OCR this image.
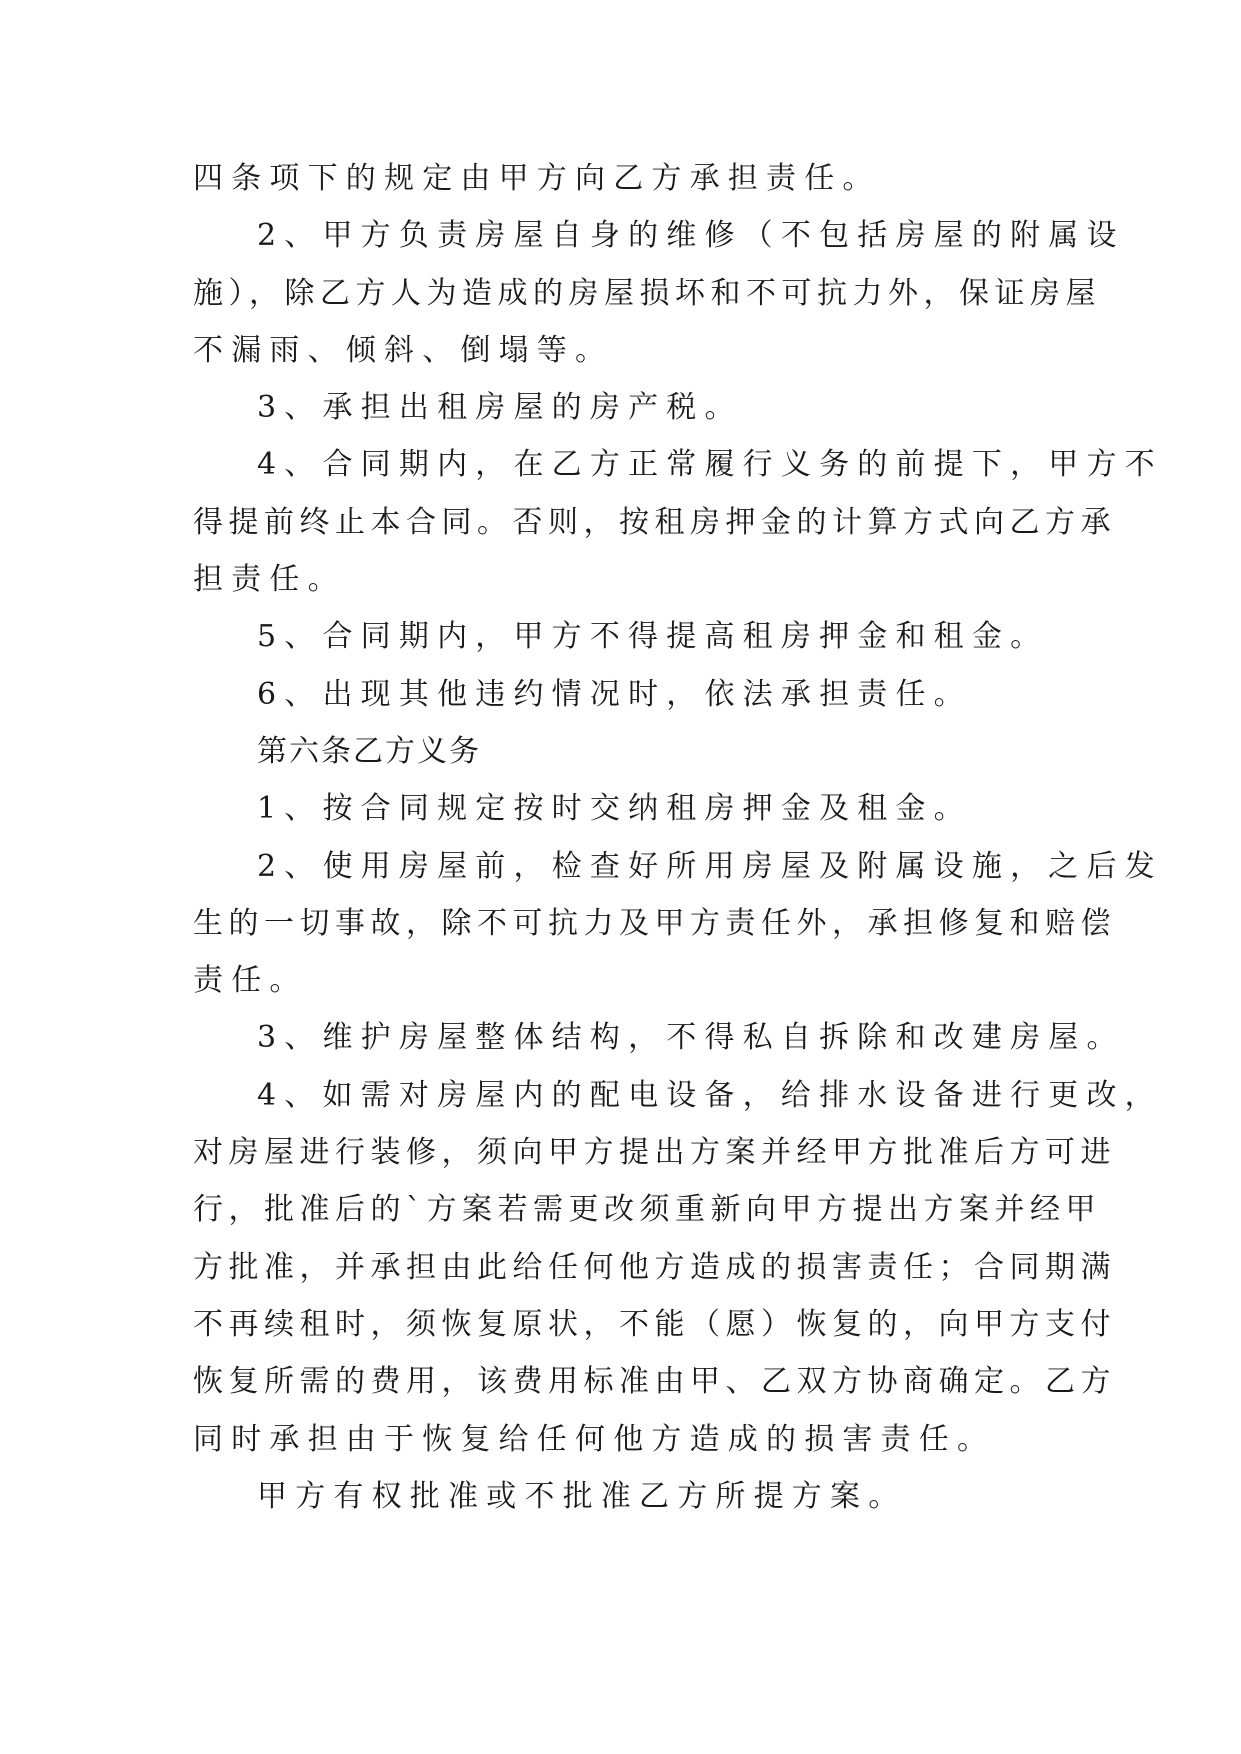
四条项下的规定由甲方向乙方承担责任。
2、甲方负责房屋自身的维修（不包括房屋的附属设
施），除乙方人为造成的房屋损坏和不可抗力外，保证房屋
不漏雨、倾斜、倒塌等。
3、承担出租房屋的房产税。
4、合同期内，在乙方正常履行义务的前提下，甲方不
得提前终止本合同。否则，按租房押金的计算方式向乙方承
担责任。
5、合同期内，甲方不得提高租房押金和租金。
6、出现其他违约情况时，依法承担责任。
第六条乙方义务
1、按合同规定按时交纳租房押金及租金。
2、使用房屋前，检查好所用房屋及附属设施，之后发
生的一切事故，除不可抗力及甲方责任外，承担修复和赔偿
责任。
3、维护房屋整体结构，不得私自拆除和改建房屋。
4、如需对房屋内的配电设备，给排水设备进行更改，
对房屋进行装修，须向甲方提出方案并经甲方批准后方可进
行，批准后的`方案若需更改须重新向甲方提出方案并经甲
方批准，并承担由此给任何他方造成的损害责任；合同期满
不再续租时，须恢复原状，不能（愿）恢复的，向甲方支付
恢复所需的费用，该费用标准由甲、乙双方协商确定。乙方
同时承担由于恢复给任何他方造成的损害责任。
甲方有权批准或不批准乙方所提方案。
